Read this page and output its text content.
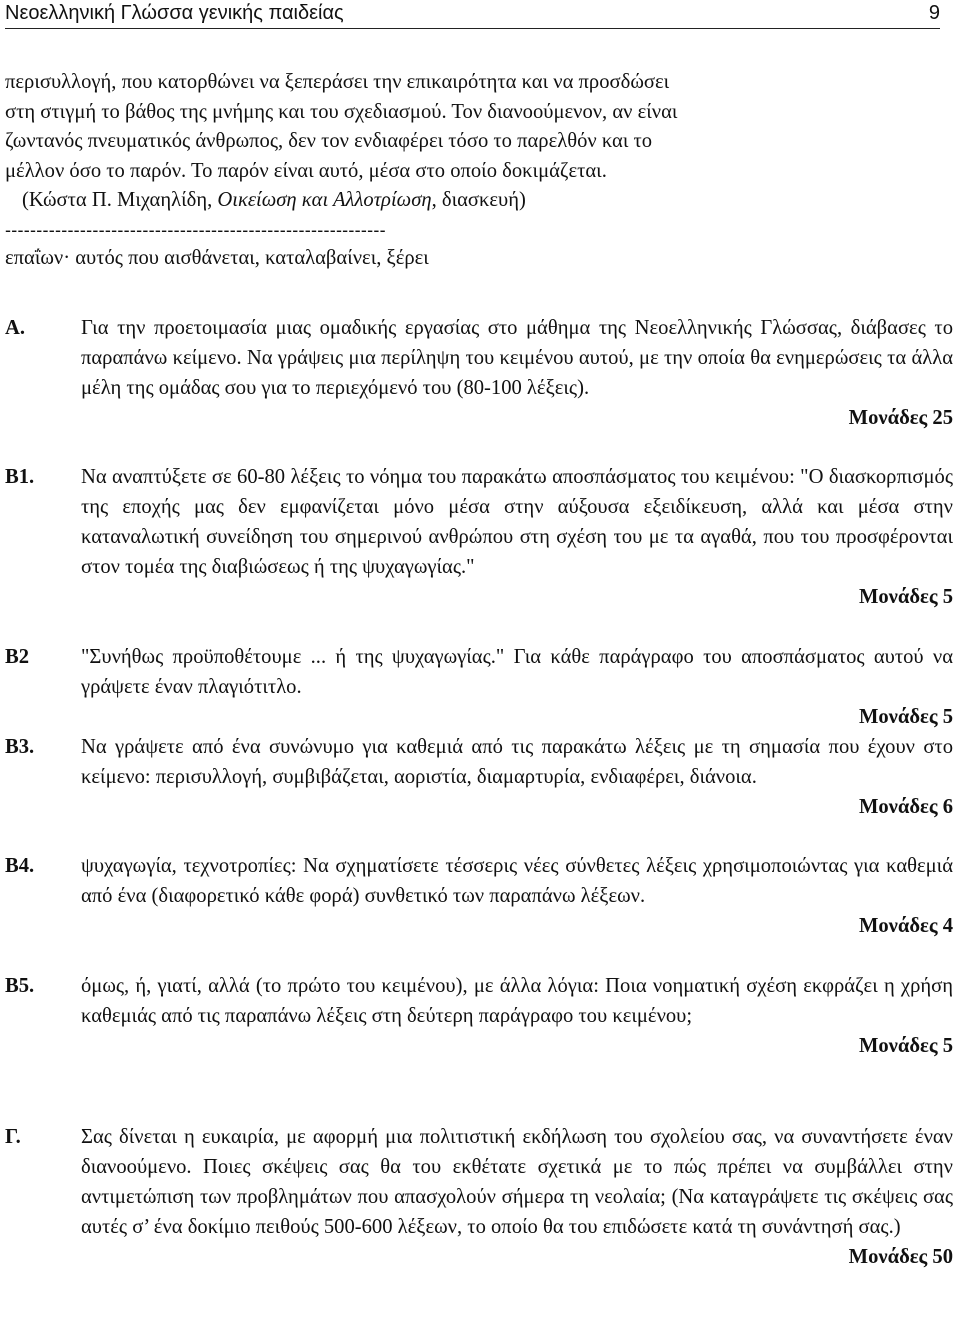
Νεοελληνική Γλώσσα γενικής παιδείας	9

περισυλλογή, που κατορθώνει να ξεπεράσει την επικαιρότητα και να προσδώσει

στη στιγμή το βάθος της μνήμης και του σχεδιασμού. Τον διανοούμενον, αν είναι

ζωντανός πνευματικός άνθρωπος, δεν τον ενδιαφέρει τόσο το παρελθόν και το

μέλλον όσο το παρόν. Το παρόν είναι αυτό, μέσα στο οποίο δοκιμάζεται.

(Κώστα Π. Μιχαηλίδη, Οικείωση και Αλλοτρίωση, διασκευή)

-------------------------------------------------------------

επαΐων· αυτός που αισθάνεται, καταλαβαίνει, ξέρει

Α.	Για την προετοιμασία μιας ομαδικής εργασίας στο μάθημα της Νεοελληνικής Γλώσσας, διάβασες το παραπάνω κείμενο. Να γράψεις μια περίληψη του κειμένου αυτού, με την οποία θα ενημερώσεις τα άλλα μέλη της ομάδας σου για το περιεχόμενό του (80-100 λέξεις).

Μονάδες 25
Β1. Να αναπτύξετε σε 60-80 λέξεις το νόημα του παρακάτω αποσπάσματος του κειμένου: "Ο διασκορπισμός της εποχής μας δεν εμφανίζεται μόνο μέσα στην αύξουσα εξειδίκευση, αλλά και μέσα στην καταναλωτική συνείδηση του σημερινού ανθρώπου στη σχέση του με τα αγαθά, που του προσφέρονται στον τομέα της διαβιώσεως ή της ψυχαγωγίας."

Μονάδες 5
Β2	"Συνήθως προϋποθέτουμε ... ή της ψυχαγωγίας." Για κάθε παράγραφο του αποσπάσματος αυτού να γράψετε έναν πλαγιότιτλο.

Μονάδες 5
Β3. Να γράψετε από ένα συνώνυμο για καθεμιά από τις παρακάτω λέξεις με τη σημασία που έχουν στο κείμενο: περισυλλογή, συμβιβάζεται, αοριστία, διαμαρτυρία, ενδιαφέρει, διάνοια.

Μονάδες 6
Β4. ψυχαγωγία, τεχνοτροπίες: Να σχηματίσετε τέσσερις νέες σύνθετες λέξεις χρησιμοποιώντας για καθεμιά από ένα (διαφορετικό κάθε φορά) συνθετικό των παραπάνω λέξεων.

Μονάδες 4
Β5. όμως, ή, γιατί, αλλά (το πρώτο του κειμένου), με άλλα λόγια: Ποια νοηματική σχέση εκφράζει η χρήση καθεμιάς από τις παραπάνω λέξεις στη δεύτερη παράγραφο του κειμένου;

Μονάδες 5
Γ.	Σας δίνεται η ευκαιρία, με αφορμή μια πολιτιστική εκδήλωση του σχολείου σας, να συναντήσετε έναν διανοούμενο. Ποιες σκέψεις σας θα του εκθέτατε σχετικά με το πώς πρέπει να συμβάλλει στην αντιμετώπιση των προβλημάτων που απασχολούν σήμερα τη νεολαία; (Να καταγράψετε τις σκέψεις σας αυτές σ’ ένα δοκίμιο πειθούς 500-600 λέξεων, το οποίο θα του επιδώσετε κατά τη συνάντησή σας.)

Μονάδες 50
